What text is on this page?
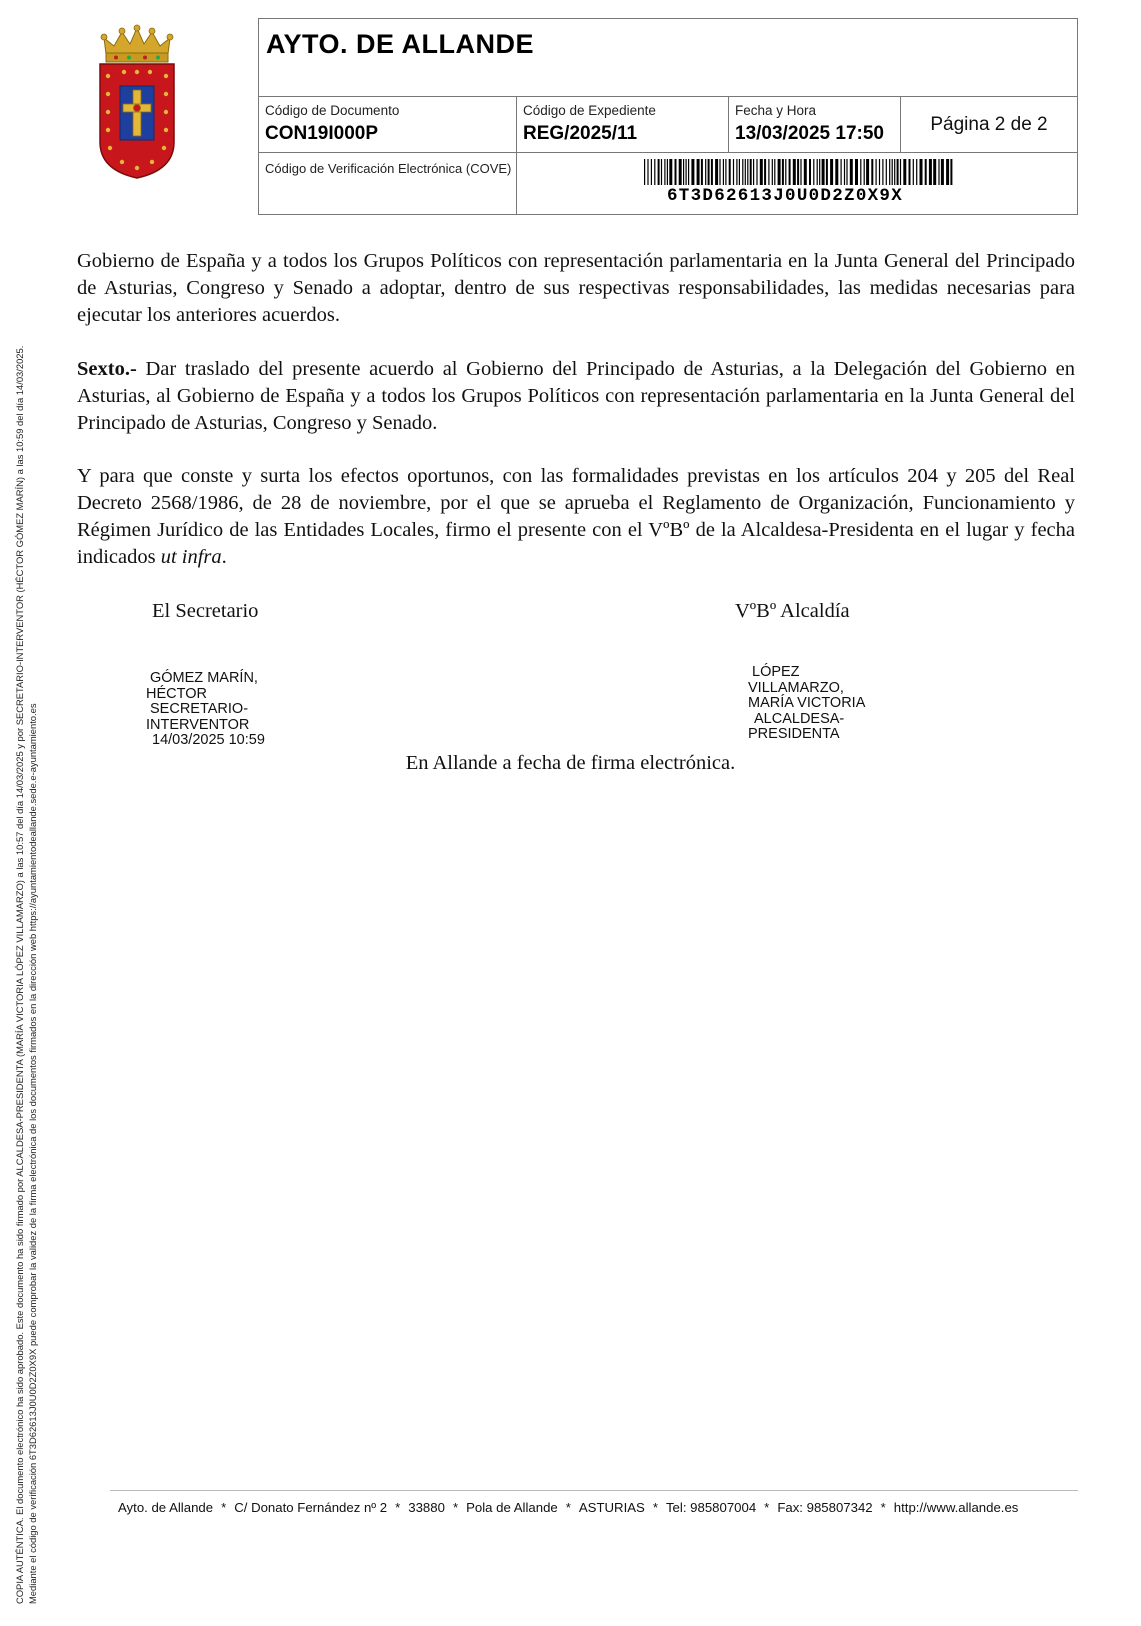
COPIA AUTÉNTICA. El documento electrónico ha sido aprobado. Este documento ha sido firmado por ALCALDESA-PRESIDENTA (MARÍA VICTORIA LÓPEZ VILLAMARZO) a las 10:57 del día 14/03/2025 y por SECRETARIO-INTERVENTOR (HÉCTOR GÓMEZ MARÍN) a las 10:59 del día 14/03/2025. Mediante el código de verificación 6T3D62613J0U0D2Z0X9X puede comprobar la validez de la firma electrónica de los documentos firmados en la dirección web https://ayuntamientodeallande.sede.e-ayuntamiento.es
AYTO. DE ALLANDE
Código de Documento
CON19I000P
Código de Expediente
REG/2025/11
Fecha y Hora
13/03/2025 17:50	Página 2 de 2
Código de Verificación Electrónica (COVE)
6T3D62613J0U0D2Z0X9X
Gobierno de España y a todos los Grupos Políticos con representación parlamentaria en la Junta General del Principado de Asturias, Congreso y Senado a adoptar, dentro de sus respectivas responsabilidades, las medidas necesarias para ejecutar los anteriores acuerdos.
Sexto.- Dar traslado del presente acuerdo al Gobierno del Principado de Asturias, a la Delegación del Gobierno en Asturias, al Gobierno de España y a todos los Grupos Políticos con representación parlamentaria en la Junta General del Principado de Asturias, Congreso y Senado.
Y para que conste y surta los efectos oportunos, con las formalidades previstas en los artículos 204 y 205 del Real Decreto 2568/1986, de 28 de noviembre, por el que se aprueba el Reglamento de Organización, Funcionamiento y Régimen Jurídico de las Entidades Locales, firmo el presente con el VºBº de la Alcaldesa-Presidenta en el lugar y fecha indicados ut infra.
El Secretario	VºBº Alcaldía
GÓMEZ MARÍN,
HÉCTOR
SECRETARIO-
INTERVENTOR
14/03/2025 10:59
LÓPEZ
VILLAMARZO,
MARÍA VICTORIA
ALCALDESA-
PRESIDENTA
En Allande a fecha de firma electrónica.
Ayto. de Allande * C/ Donato Fernández nº 2 * 33880 * Pola de Allande * ASTURIAS * Tel: 985807004 * Fax: 985807342 * http://www.allande.es
